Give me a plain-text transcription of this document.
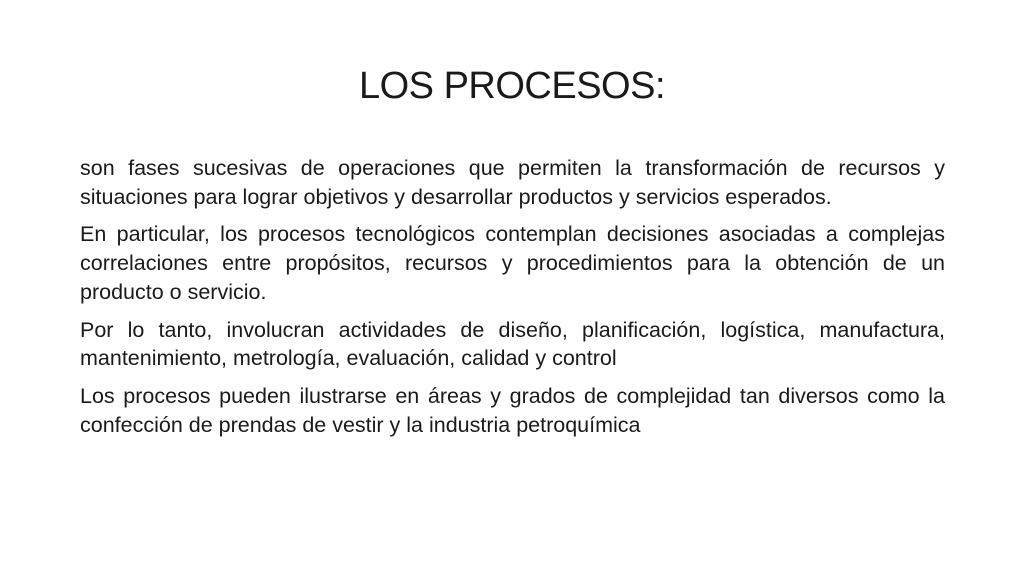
LOS PROCESOS:

son fases sucesivas de operaciones que permiten la transformación de recursos y situaciones para lograr objetivos y desarrollar productos y servicios esperados.

En particular, los procesos tecnológicos contemplan decisiones asociadas a complejas correlaciones entre propósitos, recursos y procedimientos para la obtención de un producto o servicio.

Por lo tanto, involucran actividades de diseño, planificación, logística, manufactura, mantenimiento, metrología, evaluación, calidad y control

Los procesos pueden ilustrarse en áreas y grados de complejidad tan diversos como la confección de prendas de vestir y la industria petroquímica
